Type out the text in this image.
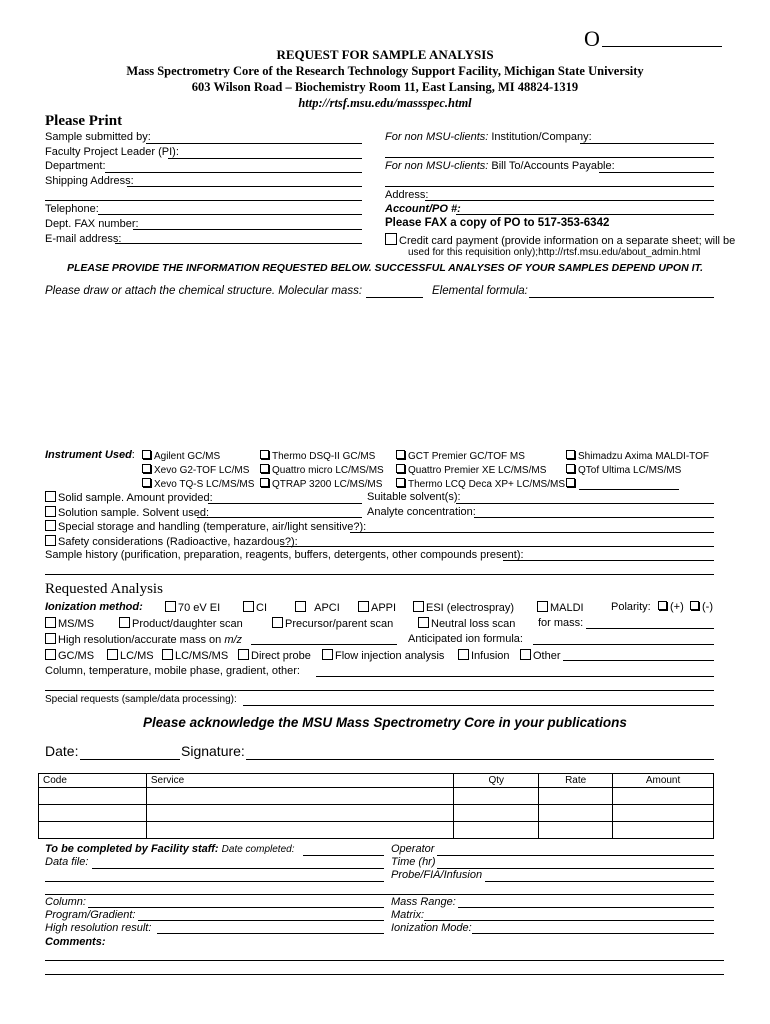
O
REQUEST FOR SAMPLE ANALYSIS
Mass Spectrometry Core of the Research Technology Support Facility, Michigan State University
603 Wilson Road – Biochemistry Room 11, East Lansing, MI 48824-1319
http://rtsf.msu.edu/massspec.html
Please Print
Sample submitted by:
Faculty Project Leader (PI):
Department:
Shipping Address:
Telephone:
Dept. FAX number:
E-mail address:
For non MSU-clients: Institution/Company:
For non MSU-clients: Bill To/Accounts Payable:
Address:
Account/PO #:
Please FAX a copy of PO to 517-353-6342
Credit card payment (provide information on a separate sheet; will be
used for this requisition only);http://rtsf.msu.edu/about_admin.html
PLEASE PROVIDE THE INFORMATION REQUESTED BELOW. SUCCESSFUL ANALYSES OF YOUR SAMPLES DEPEND UPON IT.
Please draw or attach the chemical structure. Molecular mass:	Elemental formula:
Instrument Used:	Agilent GC/MS	Thermo DSQ-II GC/MS	GCT Premier GC/TOF MS	Shimadzu Axima MALDI-TOF
Xevo G2-TOF LC/MS	Quattro micro LC/MS/MS	Quattro Premier XE LC/MS/MS	QTof Ultima LC/MS/MS
Xevo TQ-S LC/MS/MS	QTRAP 3200 LC/MS/MS	Thermo LCQ Deca XP+ LC/MS/MS
Solid sample. Amount provided:	Suitable solvent(s):
Solution sample. Solvent used:	Analyte concentration:
Special storage and handling (temperature, air/light sensitive?):
Safety considerations (Radioactive, hazardous?):
Sample history (purification, preparation, reagents, buffers, detergents, other compounds present):
Requested Analysis
Ionization method:	70 eV EI	CI	APCI	APPI	ESI (electrospray)	MALDI Polarity:	(+)	(-)
MS/MS	Product/daughter scan	Precursor/parent scan	Neutral loss scan for mass:
High resolution/accurate mass on m/z	Anticipated ion formula:
GC/MS	LC/MS	LC/MS/MS	Direct probe	Flow injection analysis	Infusion	Other
Column, temperature, mobile phase, gradient, other:
Special requests (sample/data processing):
Please acknowledge the MSU Mass Spectrometry Core in your publications
Date:	Signature:
Code	Service	Qty	Rate	Amount

To be completed by Facility staff: Date completed:	Operator
Data file:	Time (hr)
Probe/FIA/Infusion
Column:	Mass Range:
Program/Gradient:	Matrix:
High resolution result:	Ionization Mode:
Comments:
